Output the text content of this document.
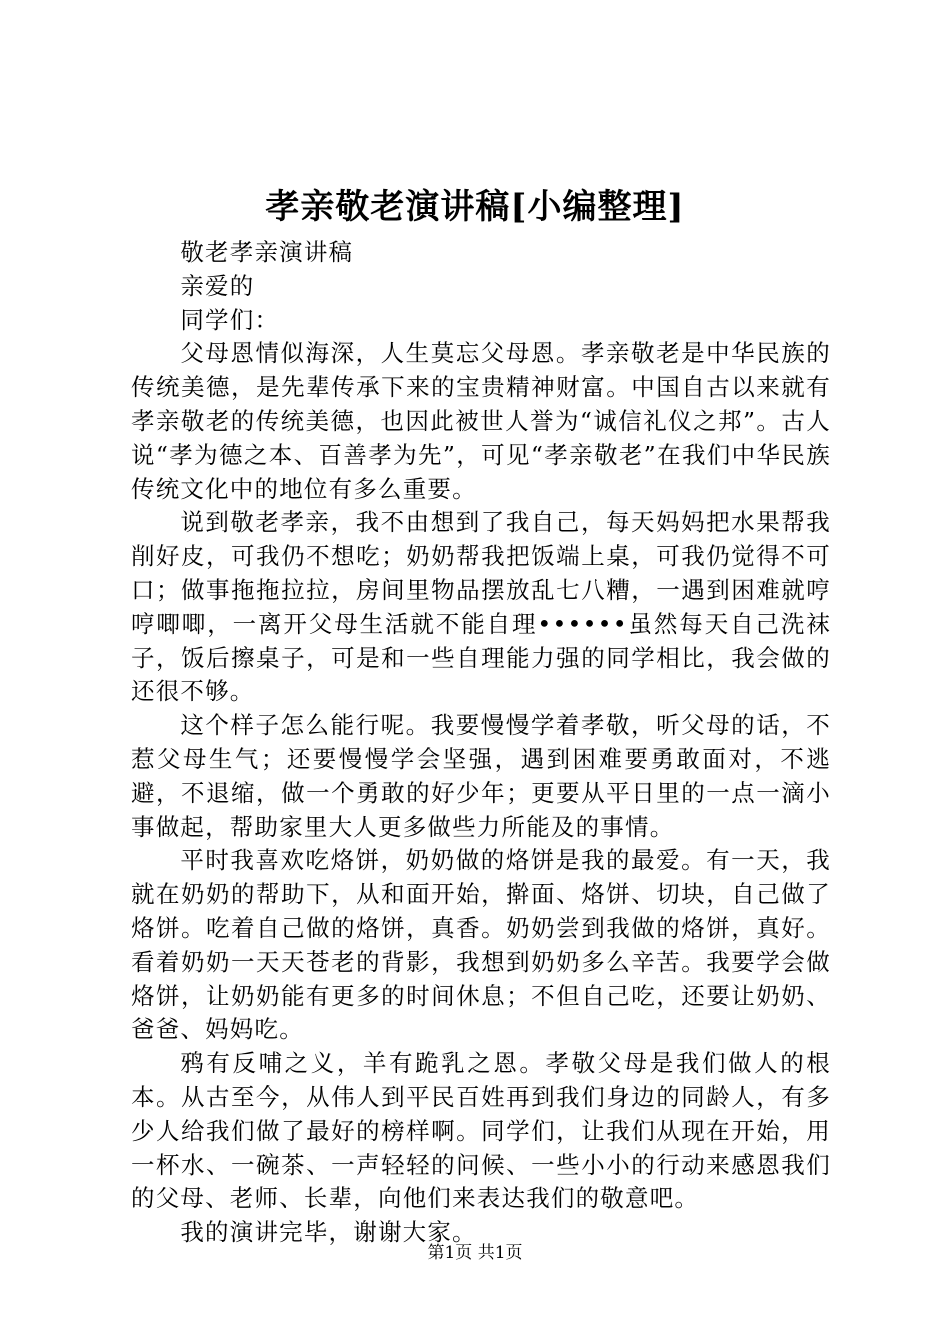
孝亲敬老演讲稿[小编整理]

敬老孝亲演讲稿

亲爱的

同学们：

父母恩情似海深，人生莫忘父母恩。孝亲敬老是中华民族的传统美德，是先辈传承下来的宝贵精神财富。中国自古以来就有孝亲敬老的传统美德，也因此被世人誉为“诚信礼仪之邦”。古人说“孝为德之本、百善孝为先”，可见“孝亲敬老”在我们中华民族传统文化中的地位有多么重要。

说到敬老孝亲，我不由想到了我自己，每天妈妈把水果帮我削好皮，可我仍不想吃；奶奶帮我把饭端上桌，可我仍觉得不可口；做事拖拖拉拉，房间里物品摆放乱七八糟，一遇到困难就哼哼唧唧，一离开父母生活就不能自理••••••虽然每天自己洗袜子，饭后擦桌子，可是和一些自理能力强的同学相比，我会做的还很不够。

这个样子怎么能行呢。我要慢慢学着孝敬，听父母的话，不惹父母生气；还要慢慢学会坚强，遇到困难要勇敢面对，不逃避，不退缩，做一个勇敢的好少年；更要从平日里的一点一滴小事做起，帮助家里大人更多做些力所能及的事情。

平时我喜欢吃烙饼，奶奶做的烙饼是我的最爱。有一天，我就在奶奶的帮助下，从和面开始，擀面、烙饼、切块，自己做了烙饼。吃着自己做的烙饼，真香。奶奶尝到我做的烙饼，真好。看着奶奶一天天苍老的背影，我想到奶奶多么辛苦。我要学会做烙饼，让奶奶能有更多的时间休息；不但自己吃，还要让奶奶、爸爸、妈妈吃。

鸦有反哺之义，羊有跪乳之恩。孝敬父母是我们做人的根本。从古至今，从伟人到平民百姓再到我们身边的同龄人，有多少人给我们做了最好的榜样啊。同学们，让我们从现在开始，用一杯水、一碗茶、一声轻轻的问候、一些小小的行动来感恩我们的父母、老师、长辈，向他们来表达我们的敬意吧。

我的演讲完毕，谢谢大家。

第1页 共1页
